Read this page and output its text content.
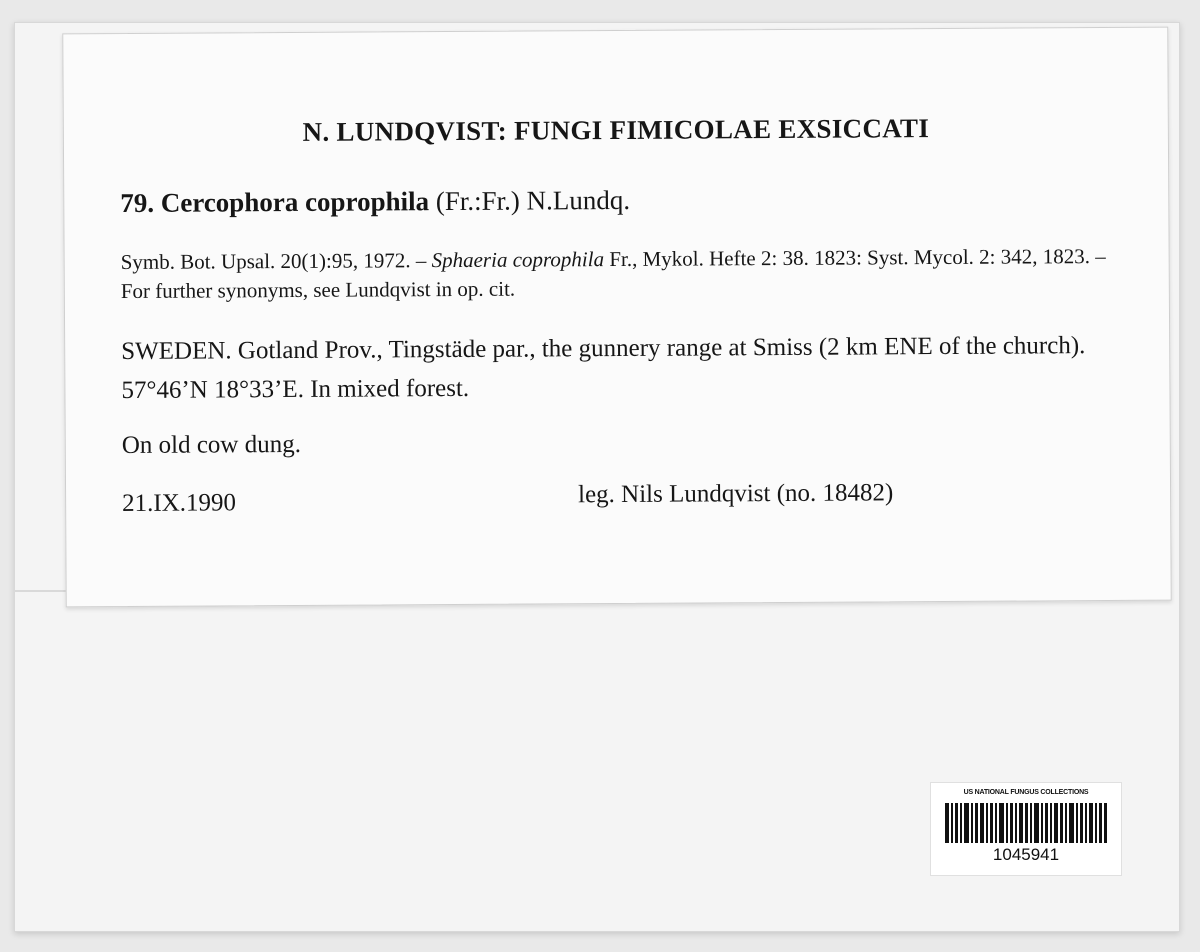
N. LUNDQVIST: FUNGI FIMICOLAE EXSICCATI
79. Cercophora coprophila (Fr.:Fr.) N.Lundq.
Symb. Bot. Upsal. 20(1):95, 1972. – Sphaeria coprophila Fr., Mykol. Hefte 2: 38. 1823: Syst. Mycol. 2: 342, 1823. – For further synonyms, see Lundqvist in op. cit.
SWEDEN. Gotland Prov., Tingstäde par., the gunnery range at Smiss (2 km ENE of the church). 57°46’N 18°33’E. In mixed forest.
On old cow dung.
21.IX.1990	leg. Nils Lundqvist (no. 18482)
US NATIONAL FUNGUS COLLECTIONS
1045941
